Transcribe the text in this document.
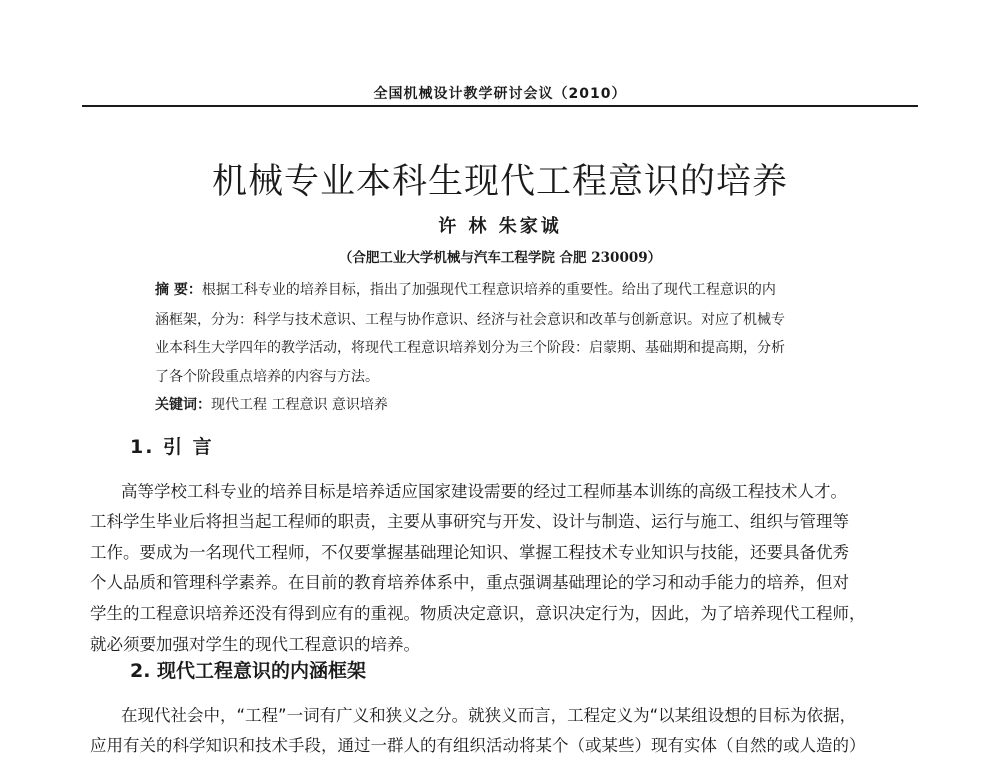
全国机械设计教学研讨会议（2010）
机械专业本科生现代工程意识的培养
许 林 朱家诚
（合肥工业大学机械与汽车工程学院 合肥 230009）
摘 要：根据工科专业的培养目标，指出了加强现代工程意识培养的重要性。给出了现代工程意识的内
涵框架，分为：科学与技术意识、工程与协作意识、经济与社会意识和改革与创新意识。对应了机械专
业本科生大学四年的教学活动，将现代工程意识培养划分为三个阶段：启蒙期、基础期和提高期，分析
了各个阶段重点培养的内容与方法。
关键词：现代工程 工程意识 意识培养
1. 引 言
高等学校工科专业的培养目标是培养适应国家建设需要的经过工程师基本训练的高级工程技术人才。
工科学生毕业后将担当起工程师的职责，主要从事研究与开发、设计与制造、运行与施工、组织与管理等
工作。要成为一名现代工程师，不仅要掌握基础理论知识、掌握工程技术专业知识与技能，还要具备优秀
个人品质和管理科学素养。在目前的教育培养体系中，重点强调基础理论的学习和动手能力的培养，但对
学生的工程意识培养还没有得到应有的重视。物质决定意识，意识决定行为，因此，为了培养现代工程师，
就必须要加强对学生的现代工程意识的培养。
2. 现代工程意识的内涵框架
在现代社会中，“工程”一词有广义和狭义之分。就狭义而言，工程定义为“以某组设想的目标为依据，
应用有关的科学知识和技术手段，通过一群人的有组织活动将某个（或某些）现有实体（自然的或人造的）
